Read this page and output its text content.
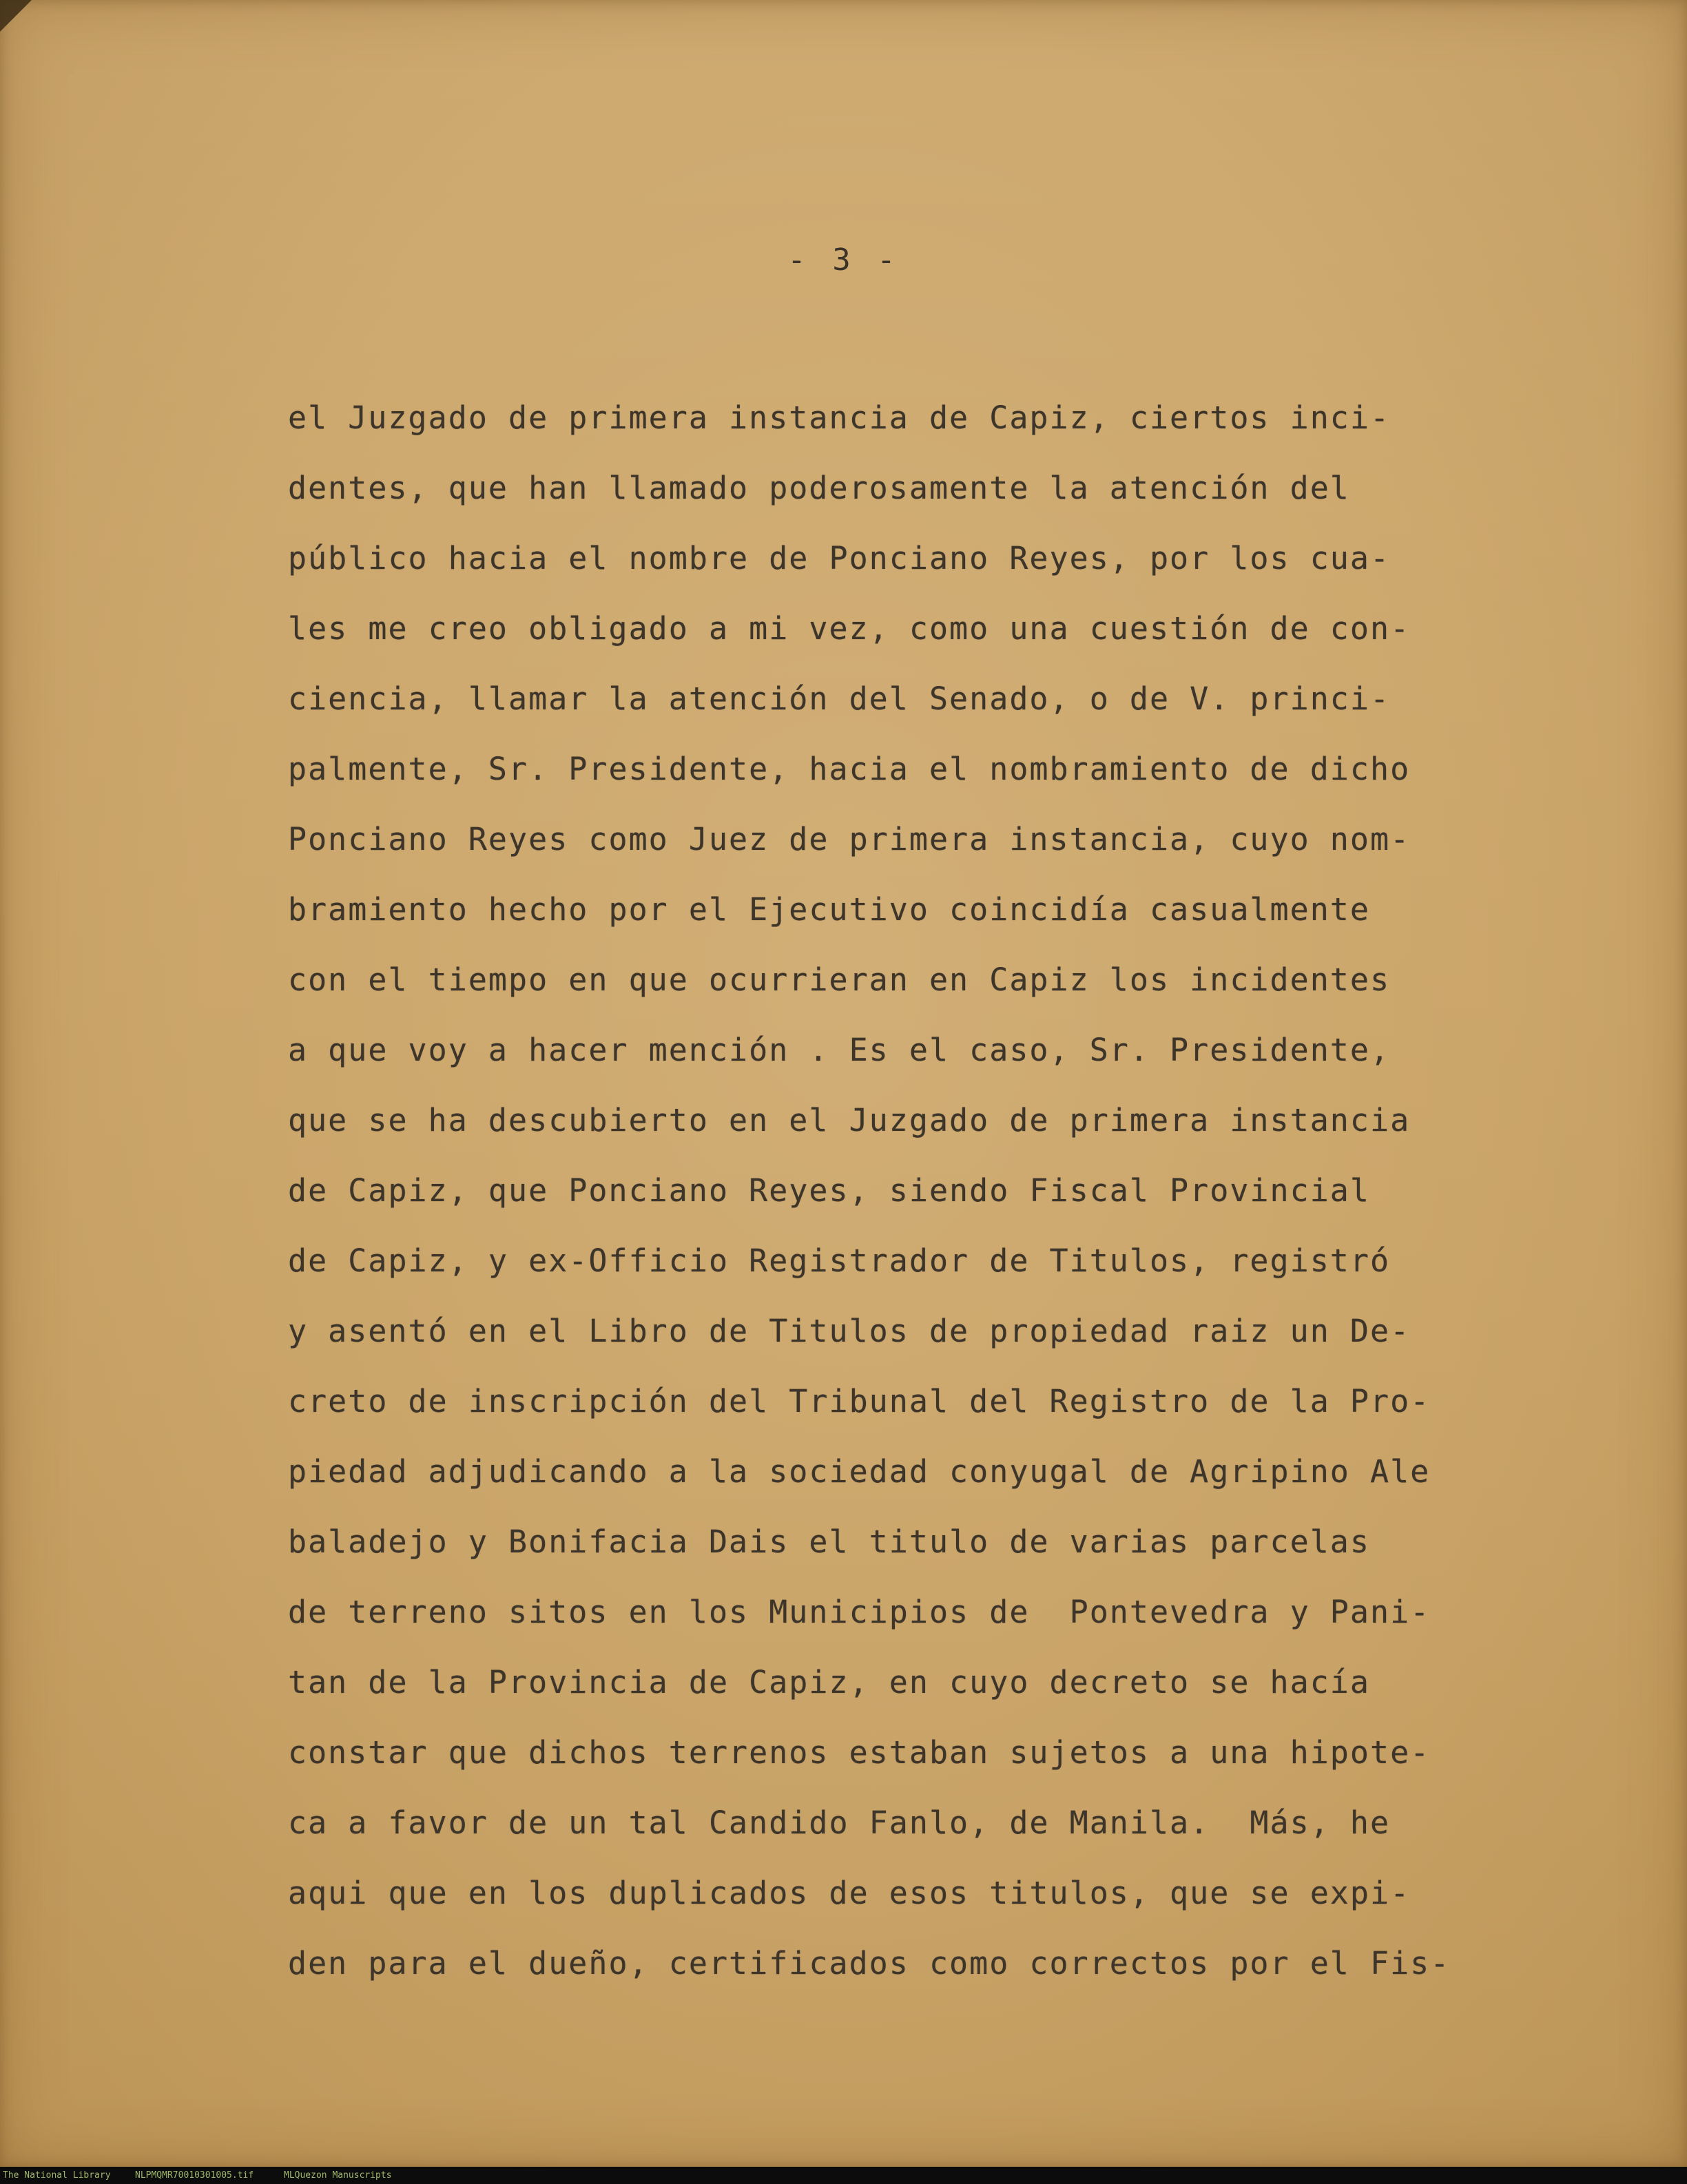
- 3 -
el Juzgado de primera instancia de Capiz, ciertos inci-
dentes, que han llamado poderosamente la atención del
público hacia el nombre de Ponciano Reyes, por los cua-
les me creo obligado a mi vez, como una cuestión de con-
ciencia, llamar la atención del Senado, o de V. princi-
palmente, Sr. Presidente, hacia el nombramiento de dicho
Ponciano Reyes como Juez de primera instancia, cuyo nom-
bramiento hecho por el Ejecutivo coincidía casualmente
con el tiempo en que ocurrieran en Capiz los incidentes
a que voy a hacer mención . Es el caso, Sr. Presidente,
que se ha descubierto en el Juzgado de primera instancia
de Capiz, que Ponciano Reyes, siendo Fiscal Provincial
de Capiz, y ex-Officio Registrador de Titulos, registró
y asentó en el Libro de Titulos de propiedad raiz un De-
creto de inscripción del Tribunal del Registro de la Pro-
piedad adjudicando a la sociedad conyugal de Agripino Ale
baladejo y Bonifacia Dais el titulo de varias parcelas
de terreno sitos en los Municipios de  Pontevedra y Pani-
tan de la Provincia de Capiz, en cuyo decreto se hacía
constar que dichos terrenos estaban sujetos a una hipote-
ca a favor de un tal Candido Fanlo, de Manila.  Más, he
aqui que en los duplicados de esos titulos, que se expi-
den para el dueño, certificados como correctos por el Fis-
The National Library	NLPMQMR70010301005.tif	MLQuezon Manuscripts
